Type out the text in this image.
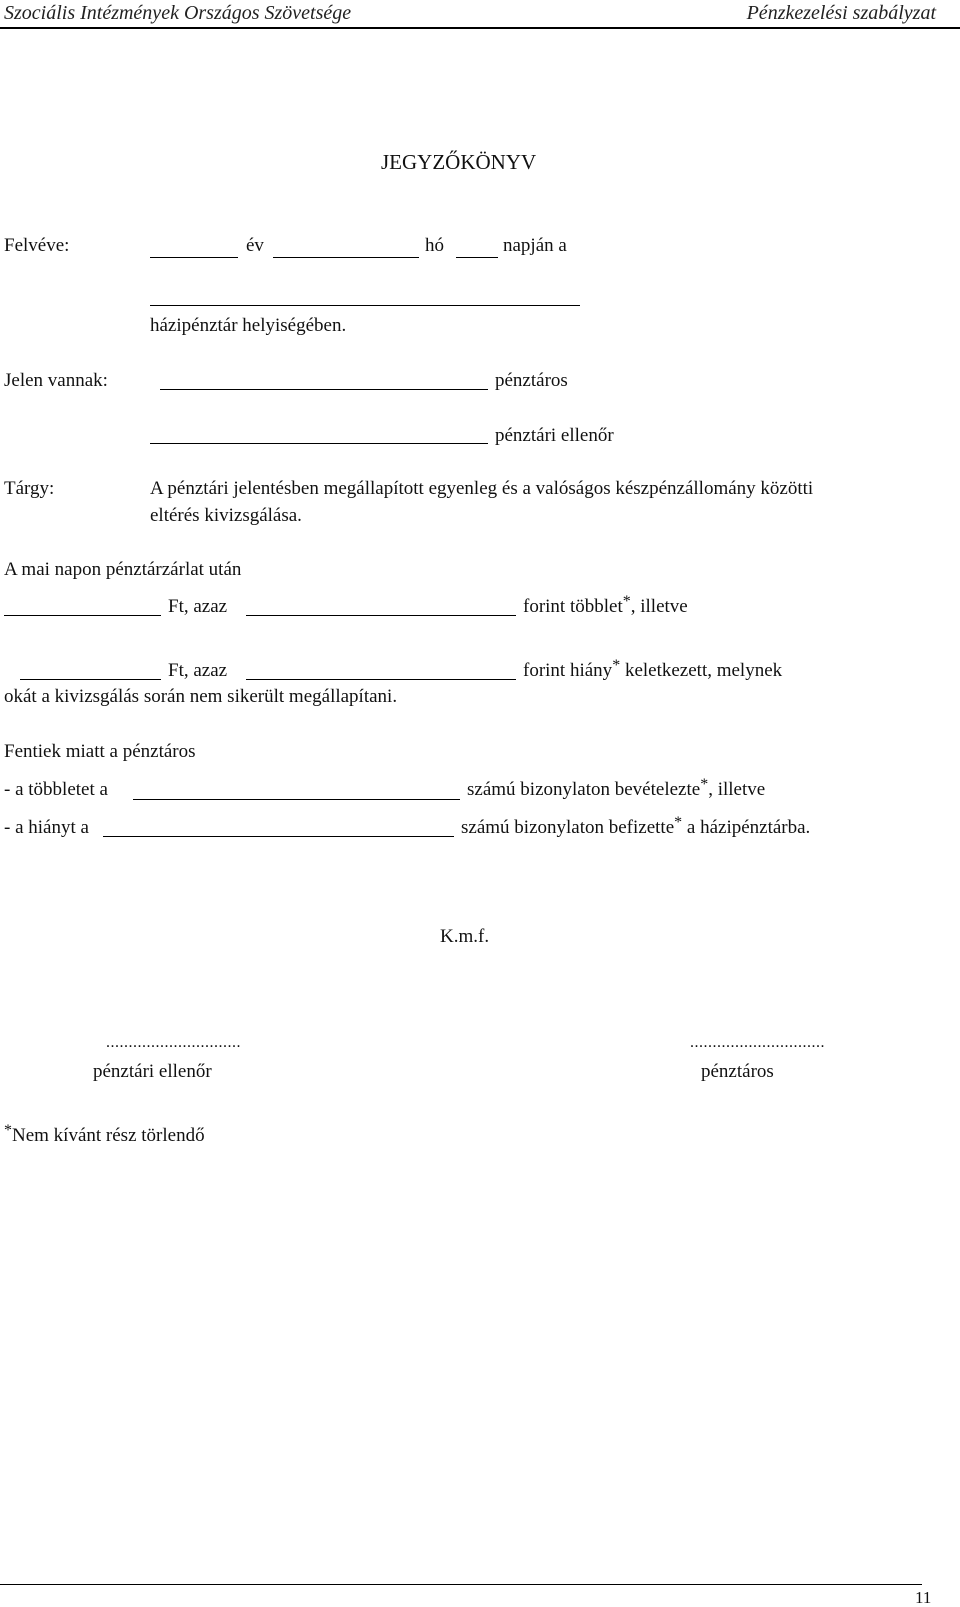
Szociális Intézmények Országos Szövetsége	Pénzkezelési szabályzat
JEGYZŐKÖNYV
Felvéve:	év	hó	napján a
házipénztár helyiségében.
Jelen vannak:	pénztáros
pénztári ellenőr
Tárgy:	A pénztári jelentésben megállapított egyenleg és a valóságos készpénzállomány közötti
eltérés kivizsgálása.
A mai napon pénztárzárlat után
Ft, azaz	forint többlet*, illetve
Ft, azaz	forint hiány* keletkezett, melynek
okát a kivizsgálás során nem sikerült megállapítani.
Fentiek miatt a pénztáros
- a többletet a	számú bizonylaton bevételezte*, illetve
- a hiányt a	számú bizonylaton befizette* a házipénztárba.
K.m.f.
..............................
pénztári ellenőr
..............................
pénztáros
*Nem kívánt rész törlendő
11
